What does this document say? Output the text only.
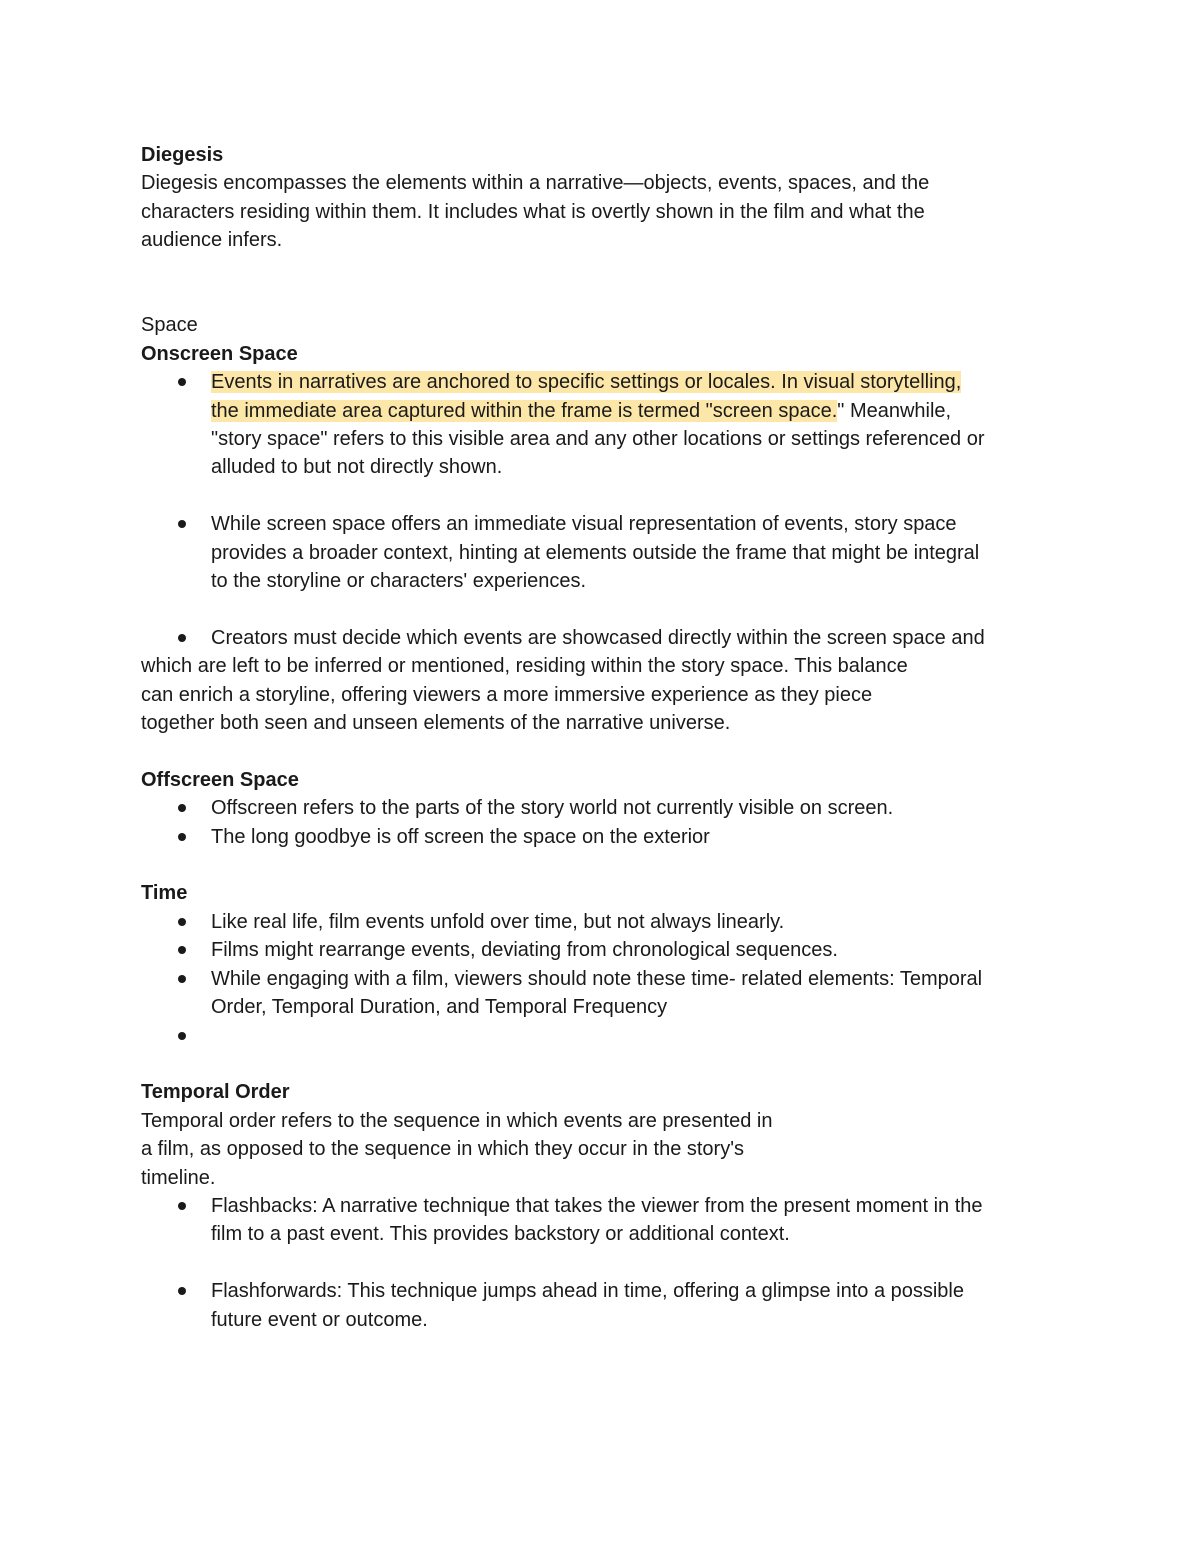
Diegesis
Diegesis encompasses the elements within a narrative—objects, events, spaces, and the
characters residing within them. It includes what is overtly shown in the film and what the
audience infers.
Space
Onscreen Space
Events in narratives are anchored to specific settings or locales. In visual storytelling,
the immediate area captured within the frame is termed "screen space." Meanwhile,
"story space" refers to this visible area and any other locations or settings referenced or
alluded to but not directly shown.
While screen space offers an immediate visual representation of events, story space
provides a broader context, hinting at elements outside the frame that might be integral
to the storyline or characters' experiences.
Creators must decide which events are showcased directly within the screen space and
which are left to be inferred or mentioned, residing within the story space. This balance
can enrich a storyline, offering viewers a more immersive experience as they piece
together both seen and unseen elements of the narrative universe.
Offscreen Space
Offscreen refers to the parts of the story world not currently visible on screen.
The long goodbye is off screen the space on the exterior
Time
Like real life, film events unfold over time, but not always linearly.
Films might rearrange events, deviating from chronological sequences.
While engaging with a film, viewers should note these time- related elements: Temporal
Order, Temporal Duration, and Temporal Frequency

Temporal Order
Temporal order refers to the sequence in which events are presented in
a film, as opposed to the sequence in which they occur in the story's
timeline.
Flashbacks: A narrative technique that takes the viewer from the present moment in the
film to a past event. This provides backstory or additional context.
Flashforwards: This technique jumps ahead in time, offering a glimpse into a possible
future event or outcome.
